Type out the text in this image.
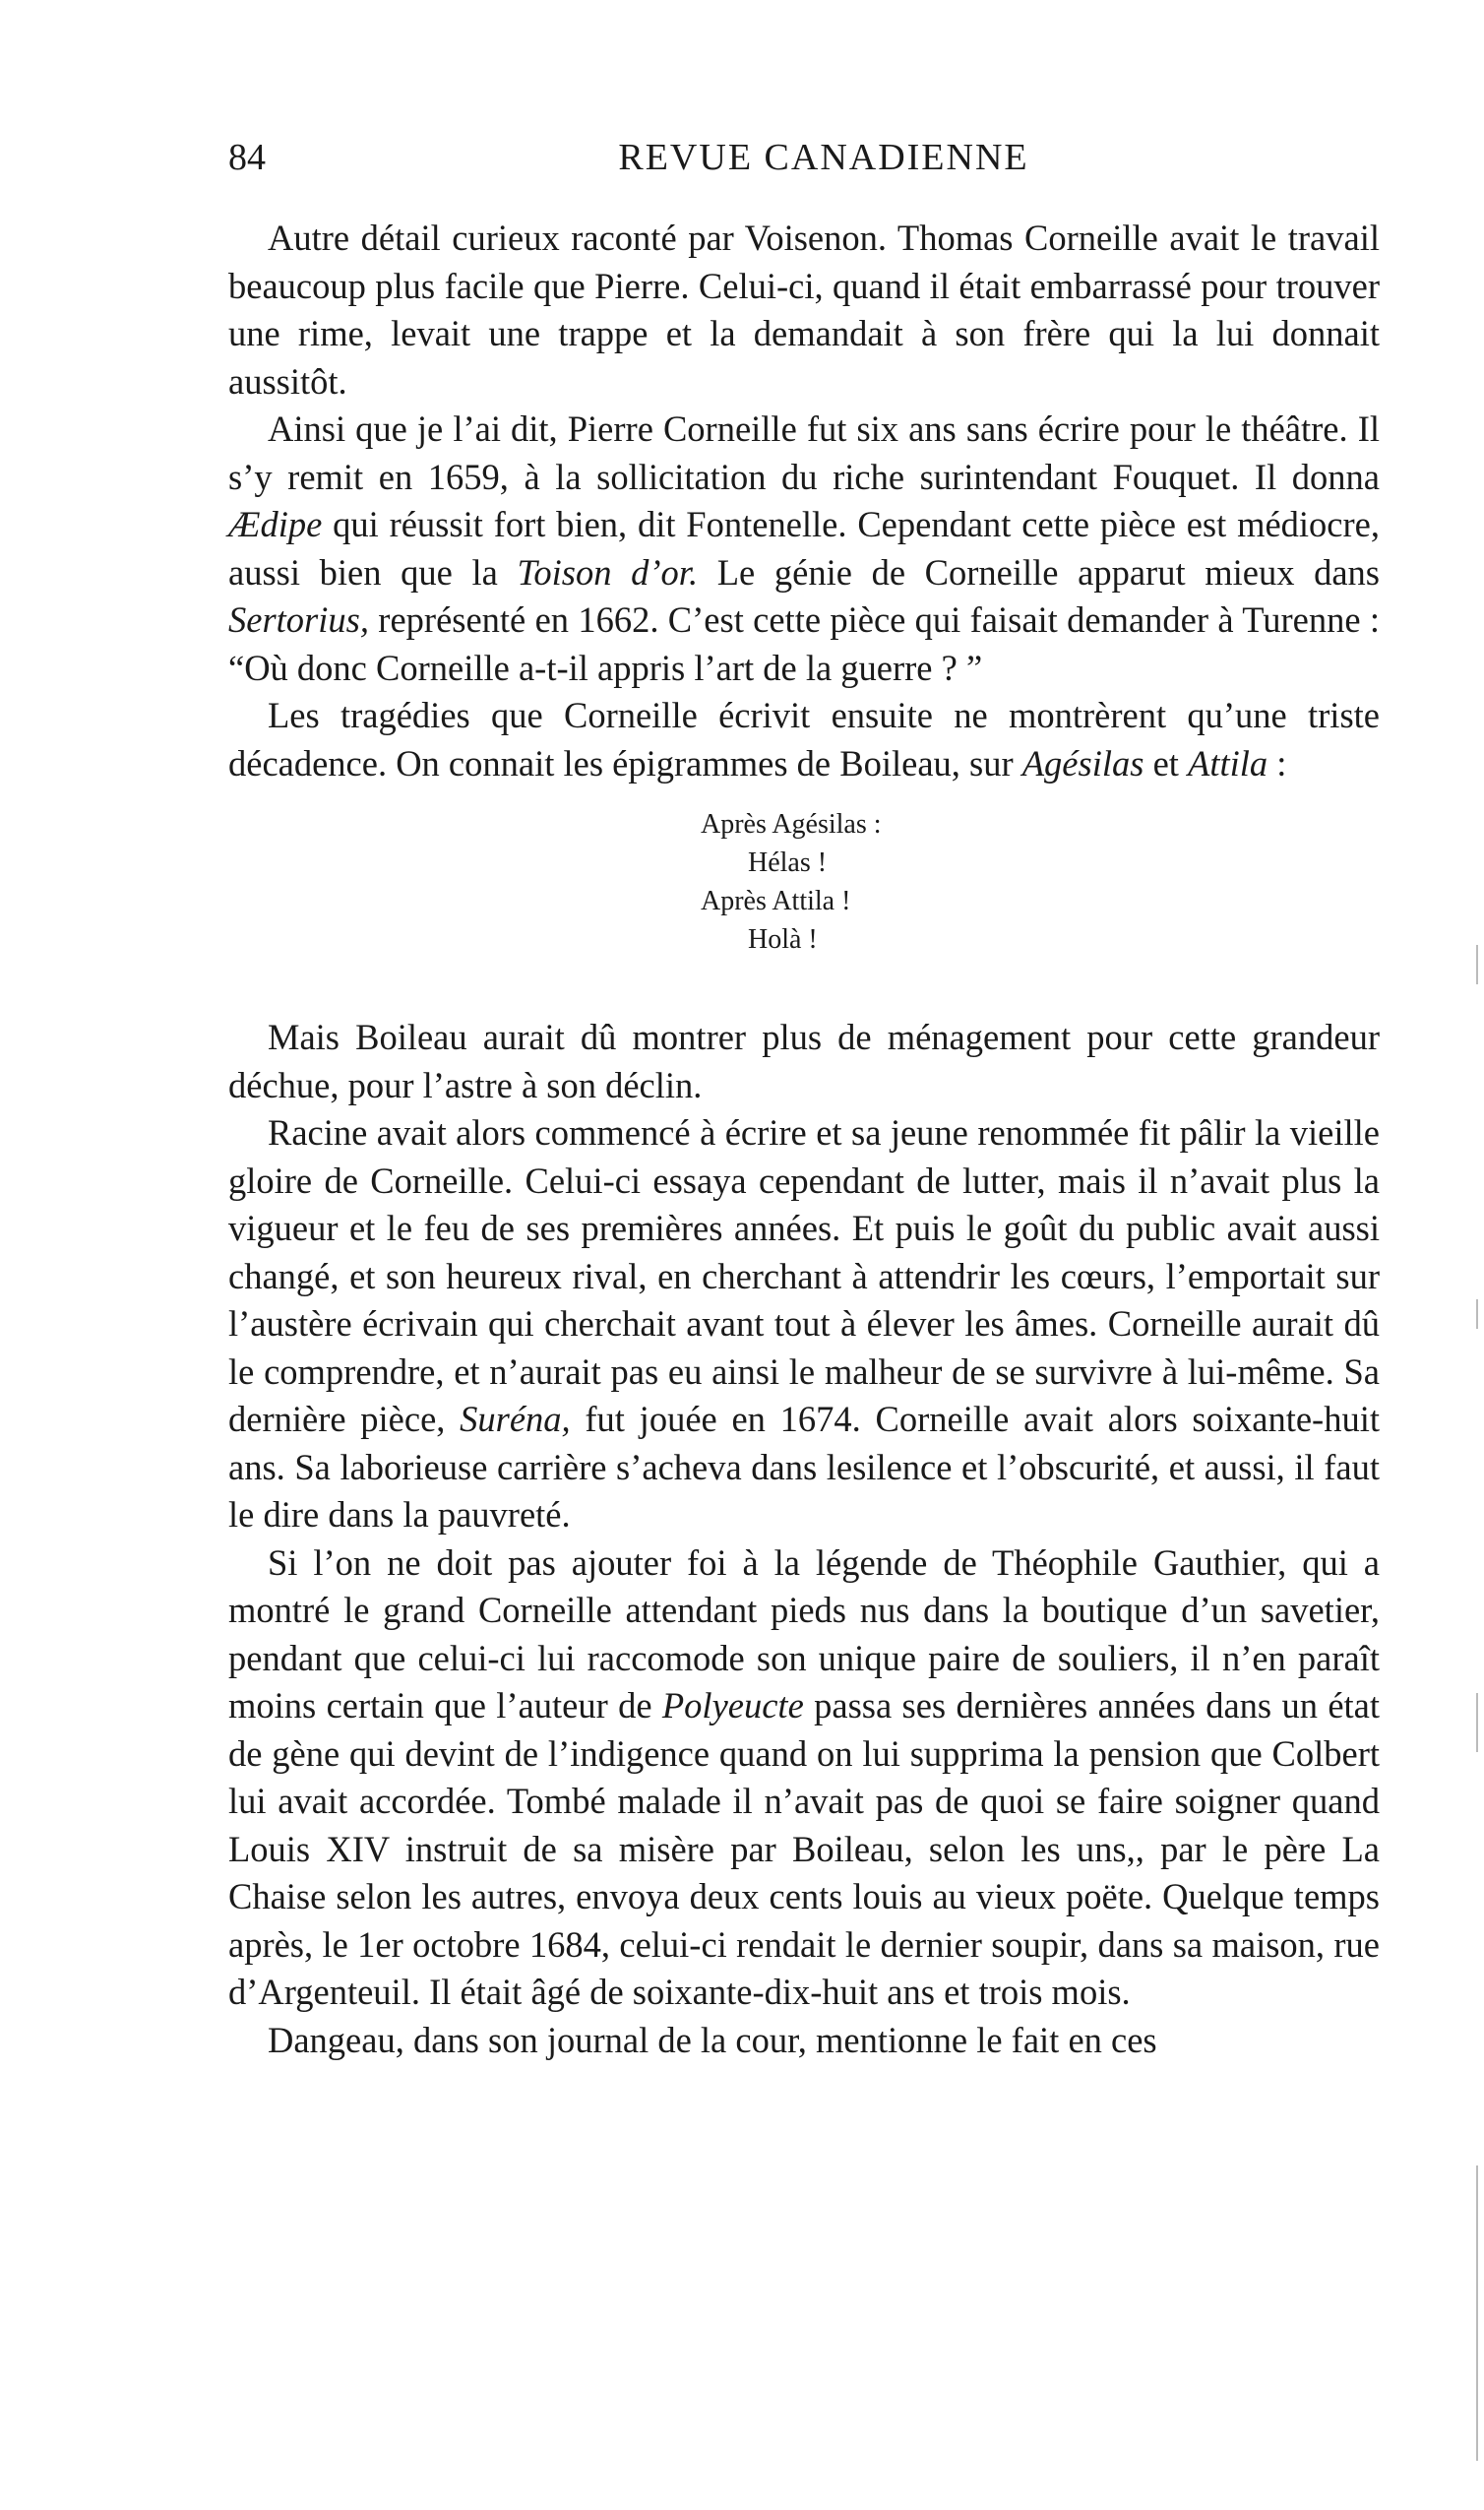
84	REVUE CANADIENNE

Autre détail curieux raconté par Voisenon. Thomas Corneille avait le travail beaucoup plus facile que Pierre. Celui-ci, quand il était embarrassé pour trouver une rime, levait une trappe et la demandait à son frère qui la lui donnait aussitôt.

Ainsi que je l’ai dit, Pierre Corneille fut six ans sans écrire pour le théâtre. Il s’y remit en 1659, à la sollicitation du riche surintendant Fouquet. Il donna Ædipe qui réussit fort bien, dit Fontenelle. Cependant cette pièce est médiocre, aussi bien que la Toison d’or. Le génie de Corneille apparut mieux dans Sertorius, représenté en 1662. C’est cette pièce qui faisait demander à Turenne : “Où donc Corneille a-t-il appris l’art de la guerre ? ”

Les tragédies que Corneille écrivit ensuite ne montrèrent qu’une triste décadence. On connait les épigrammes de Boileau, sur Agésilas et Attila :

Après Agésilas :
Hélas !
Après Attila !
Holà !

Mais Boileau aurait dû montrer plus de ménagement pour cette grandeur déchue, pour l’astre à son déclin.

Racine avait alors commencé à écrire et sa jeune renommée fit pâlir la vieille gloire de Corneille. Celui-ci essaya cependant de lutter, mais il n’avait plus la vigueur et le feu de ses premières années. Et puis le goût du public avait aussi changé, et son heureux rival, en cherchant à attendrir les cœurs, l’emportait sur l’austère écrivain qui cherchait avant tout à élever les âmes. Corneille aurait dû le comprendre, et n’aurait pas eu ainsi le malheur de se survivre à lui-même. Sa dernière pièce, Suréna, fut jouée en 1674. Corneille avait alors soixante-huit ans. Sa laborieuse carrière s’acheva dans lesilence et l’obscurité, et aussi, il faut le dire dans la pauvreté.

Si l’on ne doit pas ajouter foi à la légende de Théophile Gauthier, qui a montré le grand Corneille attendant pieds nus dans la boutique d’un savetier, pendant que celui-ci lui raccomode son unique paire de souliers, il n’en paraît moins certain que l’auteur de Polyeucte passa ses dernières années dans un état de gène qui devint de l’indigence quand on lui supprima la pension que Colbert lui avait accordée. Tombé malade il n’avait pas de quoi se faire soigner quand Louis XIV instruit de sa misère par Boileau, selon les uns,, par le père La Chaise selon les autres, envoya deux cents louis au vieux poëte. Quelque temps après, le 1er octobre 1684, celui-ci rendait le dernier soupir, dans sa maison, rue d’Argenteuil. Il était âgé de soixante-dix-huit ans et trois mois.

Dangeau, dans son journal de la cour, mentionne le fait en ces
